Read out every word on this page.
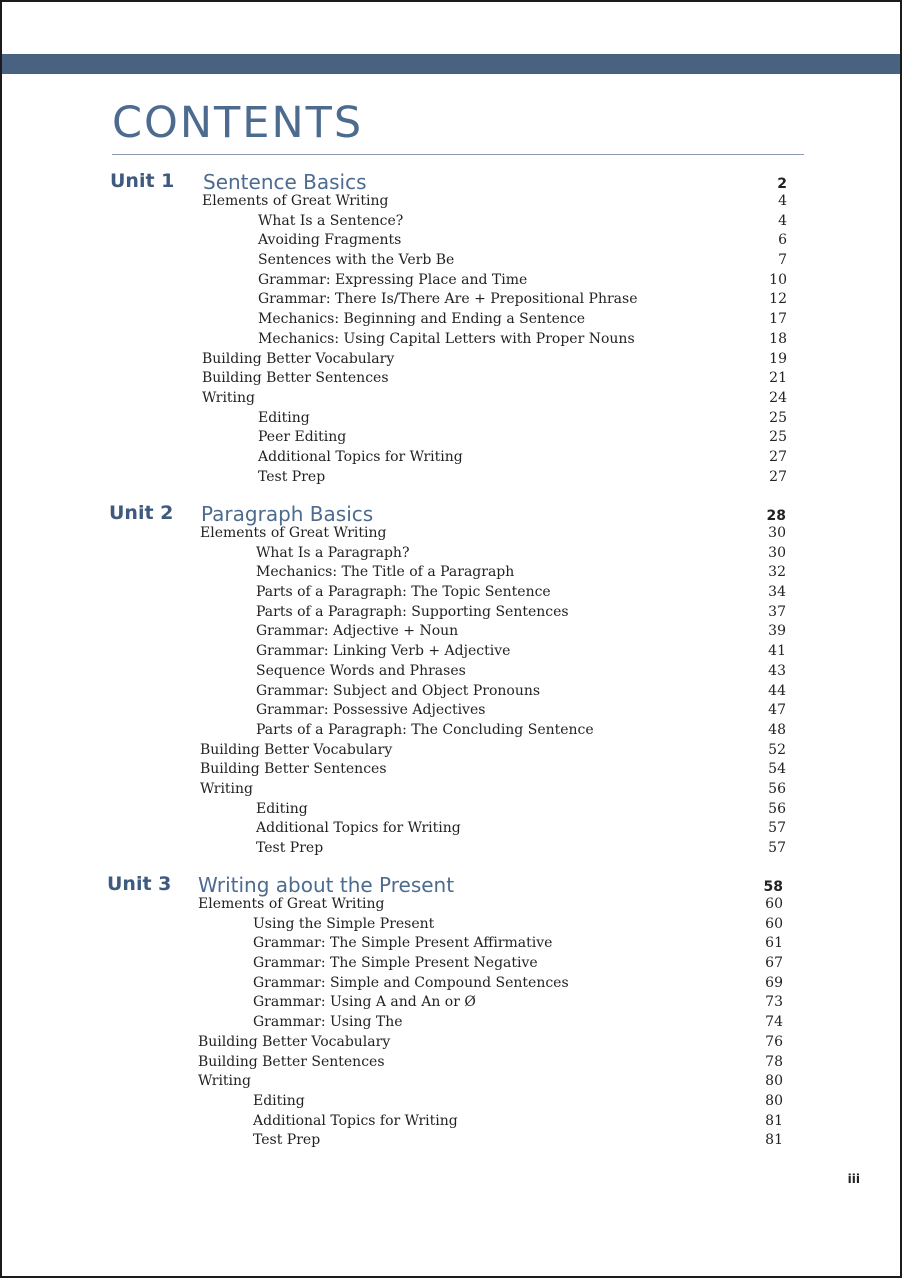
CONTENTS
Unit 1 Sentence Basics	2
Elements of Great Writing	4
What Is a Sentence?	4
Avoiding Fragments	6
Sentences with the Verb Be	7
Grammar: Expressing Place and Time	10
Grammar: There Is/There Are + Prepositional Phrase	12
Mechanics: Beginning and Ending a Sentence	17
Mechanics: Using Capital Letters with Proper Nouns	18
Building Better Vocabulary	19
Building Better Sentences	21
Writing	24
Editing	25
Peer Editing	25
Additional Topics for Writing	27
Test Prep	27
Unit 2 Paragraph Basics	28
Elements of Great Writing	30
What Is a Paragraph?	30
Mechanics: The Title of a Paragraph	32
Parts of a Paragraph: The Topic Sentence	34
Parts of a Paragraph: Supporting Sentences	37
Grammar: Adjective + Noun	39
Grammar: Linking Verb + Adjective	41
Sequence Words and Phrases	43
Grammar: Subject and Object Pronouns	44
Grammar: Possessive Adjectives	47
Parts of a Paragraph: The Concluding Sentence	48
Building Better Vocabulary	52
Building Better Sentences	54
Writing	56
Editing	56
Additional Topics for Writing	57
Test Prep	57
Unit 3 Writing about the Present	58
Elements of Great Writing	60
Using the Simple Present	60
Grammar: The Simple Present Affirmative	61
Grammar: The Simple Present Negative	67
Grammar: Simple and Compound Sentences	69
Grammar: Using A and An or Ø	73
Grammar: Using The	74
Building Better Vocabulary	76
Building Better Sentences	78
Writing	80
Editing	80
Additional Topics for Writing	81
Test Prep	81
iii
